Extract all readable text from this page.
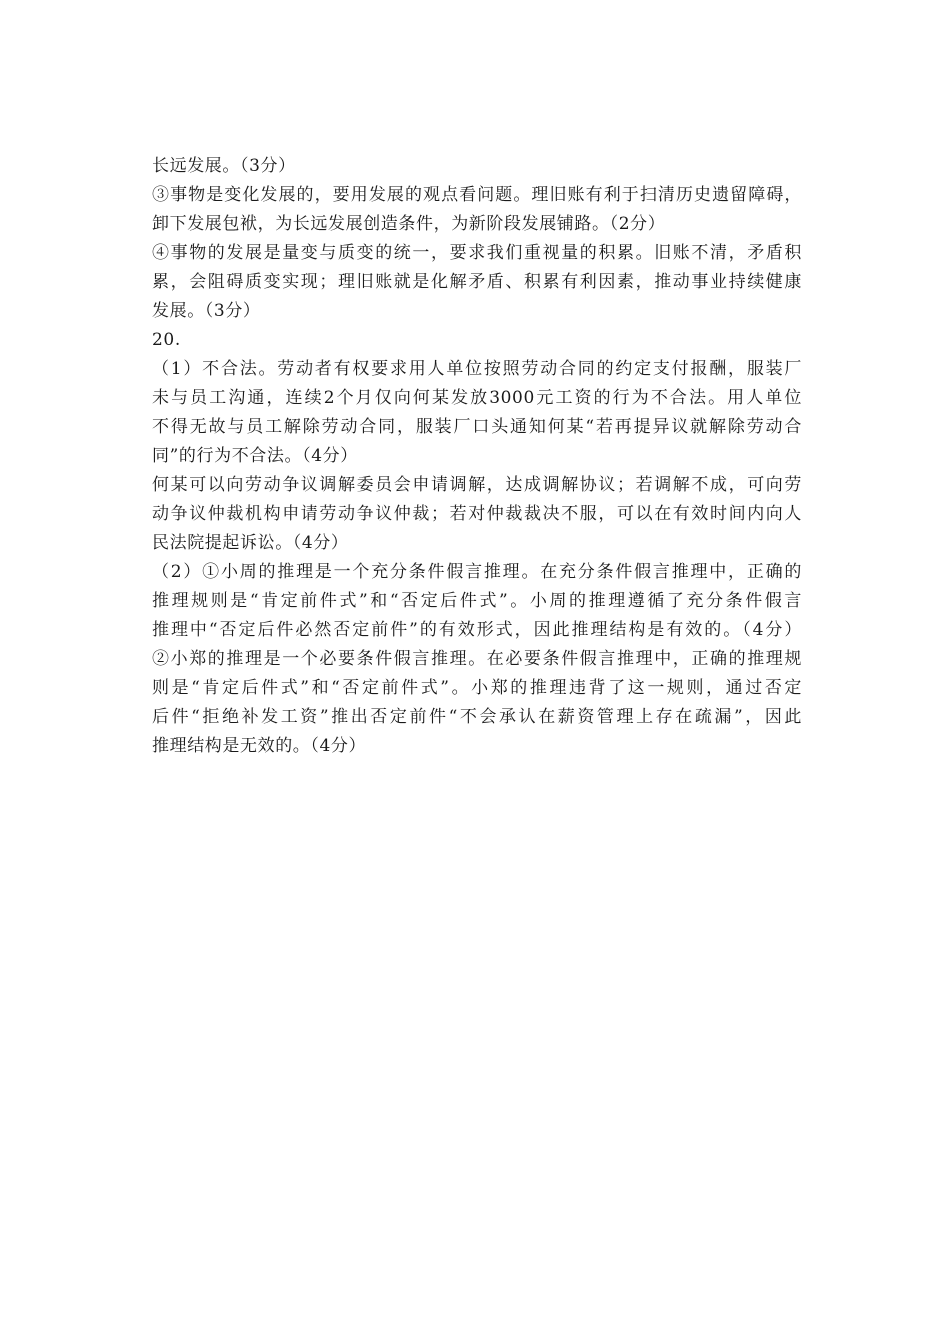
长远发展。（3分）
③事物是变化发展的，要用发展的观点看问题。理旧账有利于扫清历史遗留障碍，
卸下发展包袱，为长远发展创造条件，为新阶段发展铺路。（2分）
④事物的发展是量变与质变的统一，要求我们重视量的积累。旧账不清，矛盾积
累，会阻碍质变实现；理旧账就是化解矛盾、积累有利因素，推动事业持续健康
发展。（3分）
20.
（1）不合法。劳动者有权要求用人单位按照劳动合同的约定支付报酬，服装厂
未与员工沟通，连续2个月仅向何某发放3000元工资的行为不合法。用人单位
不得无故与员工解除劳动合同，服装厂口头通知何某“若再提异议就解除劳动合
同”的行为不合法。（4分）
何某可以向劳动争议调解委员会申请调解，达成调解协议；若调解不成，可向劳
动争议仲裁机构申请劳动争议仲裁；若对仲裁裁决不服，可以在有效时间内向人
民法院提起诉讼。（4分）
（2）①小周的推理是一个充分条件假言推理。在充分条件假言推理中，正确的
推理规则是“肯定前件式”和“否定后件式”。小周的推理遵循了充分条件假言
推理中“否定后件必然否定前件”的有效形式，因此推理结构是有效的。（4分）
②小郑的推理是一个必要条件假言推理。在必要条件假言推理中，正确的推理规
则是“肯定后件式”和“否定前件式”。小郑的推理违背了这一规则，通过否定
后件“拒绝补发工资”推出否定前件“不会承认在薪资管理上存在疏漏”，因此
推理结构是无效的。（4分）
